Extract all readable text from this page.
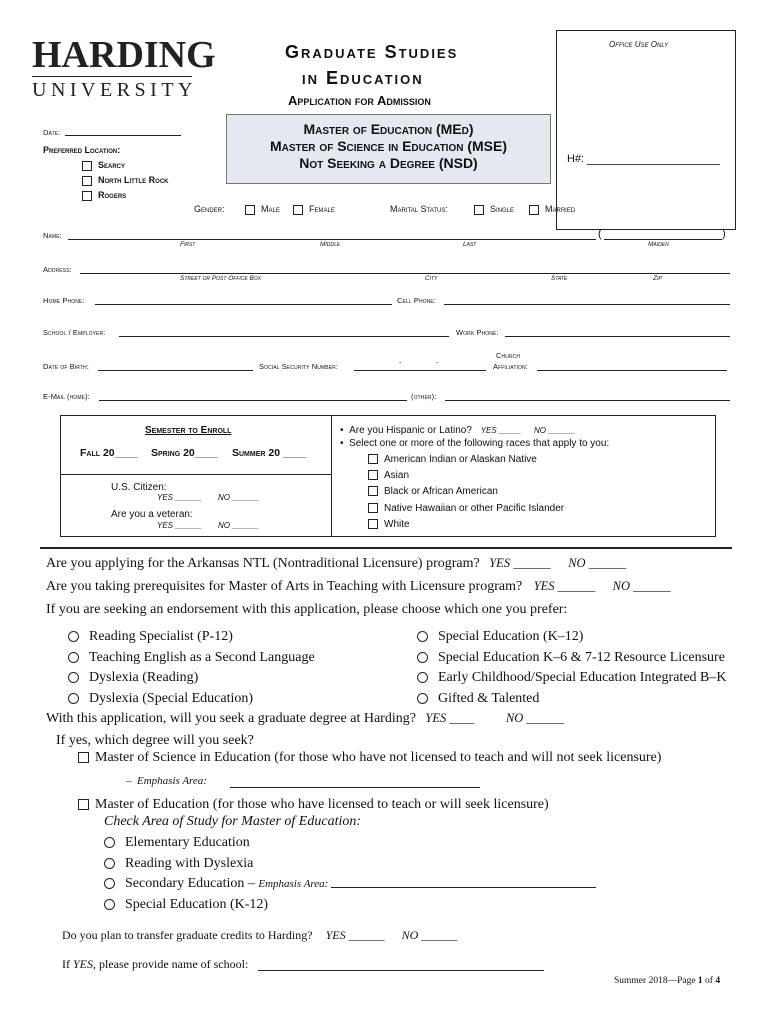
HARDING
UNIVERSITY
Graduate Studies
in Education
Application for Admission
Office Use Only
H#:
Master of Education (MEd)
Master of Science in Education (MSE)
Not Seeking a Degree (NSD)
Date:
Preferred Location:
Searcy
North Little Rock
Rogers
Gender:	Male	Female	Marital Status:	Single	Married
Name:	(	)
First	Middle	Last	Maiden
Address:
Street or Post Office Box	City	State	Zip
Home Phone:	Cell Phone:
School / Employer:	Work Phone:
Date of Birth:	Social Security Number:	-	-
Church
Affiliation:
E-Mail (home):	(other):
Semester to Enroll
Fall 20____ Spring 20____ Summer 20 ____
U.S. Citizen:
YES ______ NO ______
Are you a veteran:
YES ______ NO ______
•  Are you Hispanic or Latino? YES _____ NO ______
•  Select one or more of the following races that apply to you:
American Indian or Alaskan Native
Asian
Black or African American
Native Hawaiian or other Pacific Islander
White
Are you applying for the Arkansas NTL (Nontraditional Licensure) program? YES ______ NO ______
Are you taking prerequisites for Master of Arts in Teaching with Licensure program? YES ______ NO ______
If you are seeking an endorsement with this application, please choose which one you prefer:
Reading Specialist (P-12)
Teaching English as a Second Language
Dyslexia (Reading)
Dyslexia (Special Education)
Special Education (K–12)
Special Education K–6 & 7-12 Resource Licensure
Early Childhood/Special Education Integrated B–K
Gifted & Talented
With this application, will you seek a graduate degree at Harding? YES ____	NO ______
If yes, which degree will you seek?
Master of Science in Education (for those who have not licensed to teach and will not seek licensure)
– Emphasis Area:
Master of Education (for those who have licensed to teach or will seek licensure)
Check Area of Study for Master of Education:
Elementary Education
Reading with Dyslexia
Secondary Education – Emphasis Area:
Special Education (K-12)
Do you plan to transfer graduate credits to Harding? YES ______ NO ______
If YES, please provide name of school:
Summer 2018—Page 1 of 4
